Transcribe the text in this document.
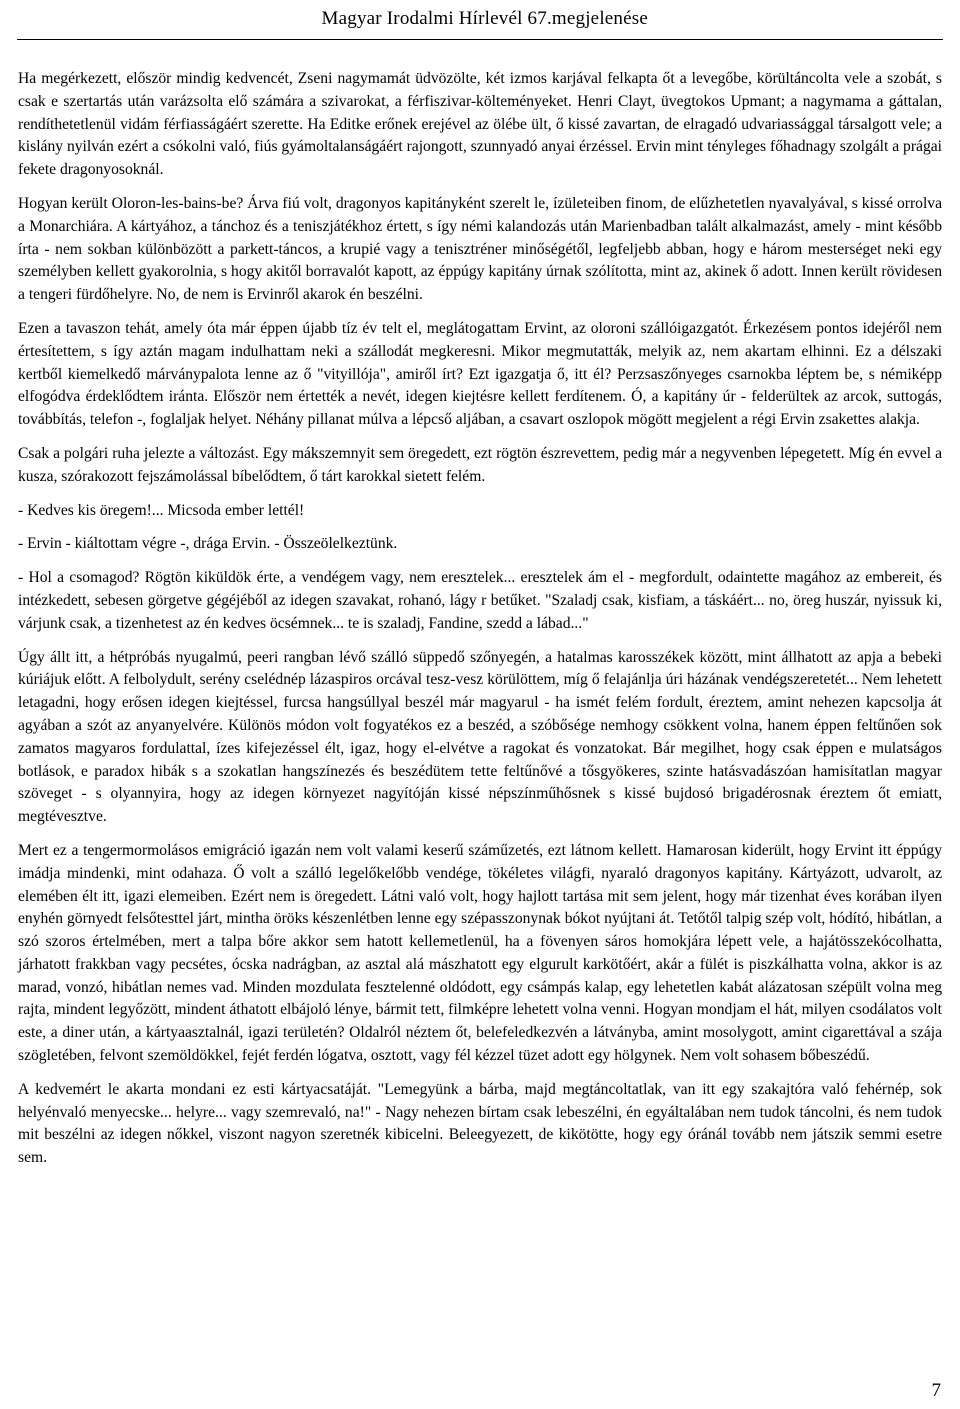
Magyar Irodalmi Hírlevél 67.megjelenése

Ha megérkezett, először mindig kedvencét, Zseni nagymamát üdvözölte, két izmos karjával felkapta őt a levegőbe, körültáncolta vele a szobát, s csak e szertartás után varázsolta elő számára a szivarokat, a férfiszivar-költeményeket. Henri Clayt, üvegtokos Upmant; a nagymama a gáttalan, rendíthetetlenül vidám férfiasságáért szerette. Ha Editke erőnek erejével az ölébe ült, ő kissé zavartan, de elragadó udvariassággal társalgott vele; a kislány nyilván ezért a csókolni való, fiús gyámoltalanságáért rajongott, szunnyadó anyai érzéssel. Ervin mint tényleges főhadnagy szolgált a prágai fekete dragonyosoknál.

Hogyan került Oloron-les-bains-be? Árva fiú volt, dragonyos kapitányként szerelt le, ízületeiben finom, de elűzhetetlen nyavalyával, s kissé orrolva a Monarchiára. A kártyához, a tánchoz és a teniszjátékhoz értett, s így némi kalandozás után Marienbadban talált alkalmazást, amely - mint később írta - nem sokban különbözött a parkett-táncos, a krupié vagy a tenisztréner minőségétől, legfeljebb abban, hogy e három mesterséget neki egy személyben kellett gyakorolnia, s hogy akitől borravalót kapott, az éppúgy kapitány úrnak szólította, mint az, akinek ő adott. Innen került rövidesen a tengeri fürdőhelyre. No, de nem is Ervinről akarok én beszélni.

Ezen a tavaszon tehát, amely óta már éppen újabb tíz év telt el, meglátogattam Ervint, az oloroni szállóigazgatót. Érkezésem pontos idejéről nem értesítettem, s így aztán magam indulhattam neki a szállodát megkeresni. Mikor megmutatták, melyik az, nem akartam elhinni. Ez a délszaki kertből kiemelkedő márványpalota lenne az ő "vityillója", amiről írt? Ezt igazgatja ő, itt él? Perzsaszőnyeges csarnokba léptem be, s némiképp elfogódva érdeklődtem iránta. Először nem értették a nevét, idegen kiejtésre kellett ferdítenem. Ó, a kapitány úr - felderültek az arcok, suttogás, továbbítás, telefon -, foglaljak helyet. Néhány pillanat múlva a lépcső aljában, a csavart oszlopok mögött megjelent a régi Ervin zsakettes alakja.

Csak a polgári ruha jelezte a változást. Egy mákszemnyit sem öregedett, ezt rögtön észrevettem, pedig már a negyvenben lépegetett. Míg én evvel a kusza, szórakozott fejszámolással bíbelődtem, ő tárt karokkal sietett felém.

- Kedves kis öregem!... Micsoda ember lettél!

- Ervin - kiáltottam végre -, drága Ervin. - Összeölelkeztünk.

- Hol a csomagod? Rögtön kiküldök érte, a vendégem vagy, nem eresztelek... eresztelek ám el - megfordult, odaintette magához az embereit, és intézkedett, sebesen görgetve gégéjéből az idegen szavakat, rohanó, lágy r betűket. "Szaladj csak, kisfiam, a táskáért... no, öreg huszár, nyissuk ki, várjunk csak, a tizenhetest az én kedves öcsémnek... te is szaladj, Fandine, szedd a lábad..."

Úgy állt itt, a hétpróbás nyugalmú, peeri rangban lévő szálló süppedő szőnyegén, a hatalmas karosszékek között, mint állhatott az apja a bebeki kúriájuk előtt. A felbolydult, serény cselédnép lázaspiros orcával tesz-vesz körülöttem, míg ő felajánlja úri házának vendégszeretetét... Nem lehetett letagadni, hogy erősen idegen kiejtéssel, furcsa hangsúllyal beszél már magyarul - ha ismét felém fordult, éreztem, amint nehezen kapcsolja át agyában a szót az anyanyelvére. Különös módon volt fogyatékos ez a beszéd, a szóbősége nemhogy csökkent volna, hanem éppen feltűnően sok zamatos magyaros fordulattal, ízes kifejezéssel élt, igaz, hogy el-elvétve a ragokat és vonzatokat. Bár megilhet, hogy csak éppen e mulatságos botlások, e paradox hibák s a szokatlan hangszínezés és beszédütem tette feltűnővé a tősgyökeres, szinte hatásvadászóan hamisítatlan magyar szöveget - s olyannyira, hogy az idegen környezet nagyítóján kissé népszínműhősnek s kissé bujdosó brigadérosnak éreztem őt emiatt, megtévesztve.

Mert ez a tengermormolásos emigráció igazán nem volt valami keserű száműzetés, ezt látnom kellett. Hamarosan kiderült, hogy Ervint itt éppúgy imádja mindenki, mint odahaza. Ő volt a szálló legelőkelőbb vendége, tökéletes világfi, nyaraló dragonyos kapitány. Kártyázott, udvarolt, az elemében élt itt, igazi elemeiben. Ezért nem is öregedett. Látni való volt, hogy hajlott tartása mit sem jelent, hogy már tizenhat éves korában ilyen enyhén görnyedt felsőtesttel járt, mintha öröks készenlétben lenne egy szépasszonynak bókot nyújtani át. Tetőtől talpig szép volt, hódító, hibátlan, a szó szoros értelmében, mert a talpa bőre akkor sem hatott kellemetlenül, ha a fövenyen sáros homokjára lépett vele, a hajátösszekócolhatta, járhatott frakkban vagy pecsétes, ócska nadrágban, az asztal alá mászhatott egy elgurult karkötőért, akár a fülét is piszkálhatta volna, akkor is az marad, vonzó, hibátlan nemes vad. Minden mozdulata fesztelenné oldódott, egy csámpás kalap, egy lehetetlen kabát alázatosan szépült volna meg rajta, mindent legyőzött, mindent áthatott elbájoló lénye, bármit tett, filmképre lehetett volna venni. Hogyan mondjam el hát, milyen csodálatos volt este, a diner után, a kártyaasztalnál, igazi területén? Oldalról néztem őt, belefeledkezvén a látványba, amint mosolygott, amint cigarettával a szája szögletében, felvont szemöldökkel, fejét ferdén lógatva, osztott, vagy fél kézzel tüzet adott egy hölgynek. Nem volt sohasem bőbeszédű.

A kedvemért le akarta mondani ez esti kártyacsatáját. "Lemegyünk a bárba, majd megtáncoltatlak, van itt egy szakajtóra való fehérnép, sok helyénvaló menyecske... helyre... vagy szemrevaló, na!" - Nagy nehezen bírtam csak lebeszélni, én egyáltalában nem tudok táncolni, és nem tudok mit beszélni az idegen nőkkel, viszont nagyon szeretnék kibicelni. Beleegyezett, de kikötötte, hogy egy óránál tovább nem játszik semmi esetre sem.

7
